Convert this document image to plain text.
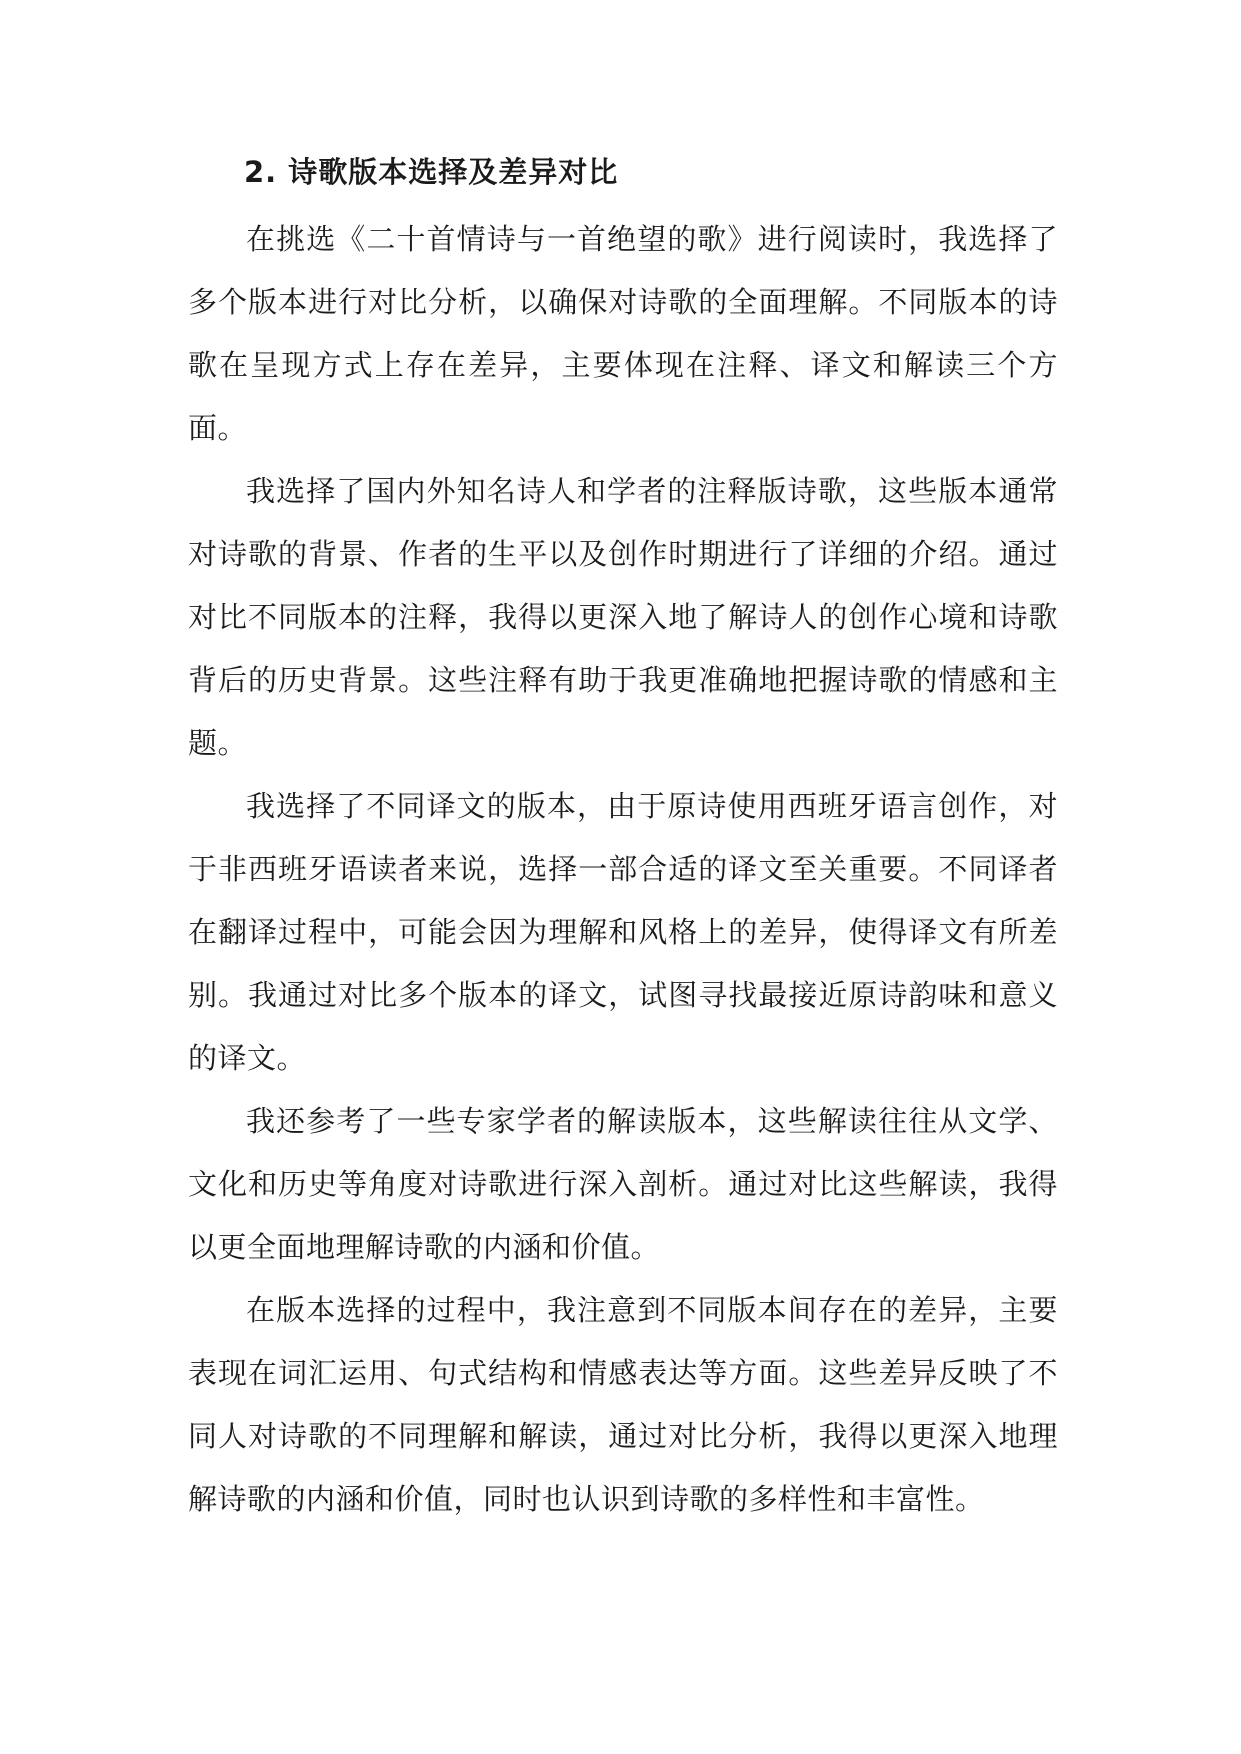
2. 诗歌版本选择及差异对比

在挑选《二十首情诗与一首绝望的歌》进行阅读时，我选择了多个版本进行对比分析，以确保对诗歌的全面理解。不同版本的诗歌在呈现方式上存在差异，主要体现在注释、译文和解读三个方面。

我选择了国内外知名诗人和学者的注释版诗歌，这些版本通常对诗歌的背景、作者的生平以及创作时期进行了详细的介绍。通过对比不同版本的注释，我得以更深入地了解诗人的创作心境和诗歌背后的历史背景。这些注释有助于我更准确地把握诗歌的情感和主题。

我选择了不同译文的版本，由于原诗使用西班牙语言创作，对于非西班牙语读者来说，选择一部合适的译文至关重要。不同译者在翻译过程中，可能会因为理解和风格上的差异，使得译文有所差别。我通过对比多个版本的译文，试图寻找最接近原诗韵味和意义的译文。

我还参考了一些专家学者的解读版本，这些解读往往从文学、文化和历史等角度对诗歌进行深入剖析。通过对比这些解读，我得以更全面地理解诗歌的内涵和价值。

在版本选择的过程中，我注意到不同版本间存在的差异，主要表现在词汇运用、句式结构和情感表达等方面。这些差异反映了不同人对诗歌的不同理解和解读，通过对比分析，我得以更深入地理解诗歌的内涵和价值，同时也认识到诗歌的多样性和丰富性。
